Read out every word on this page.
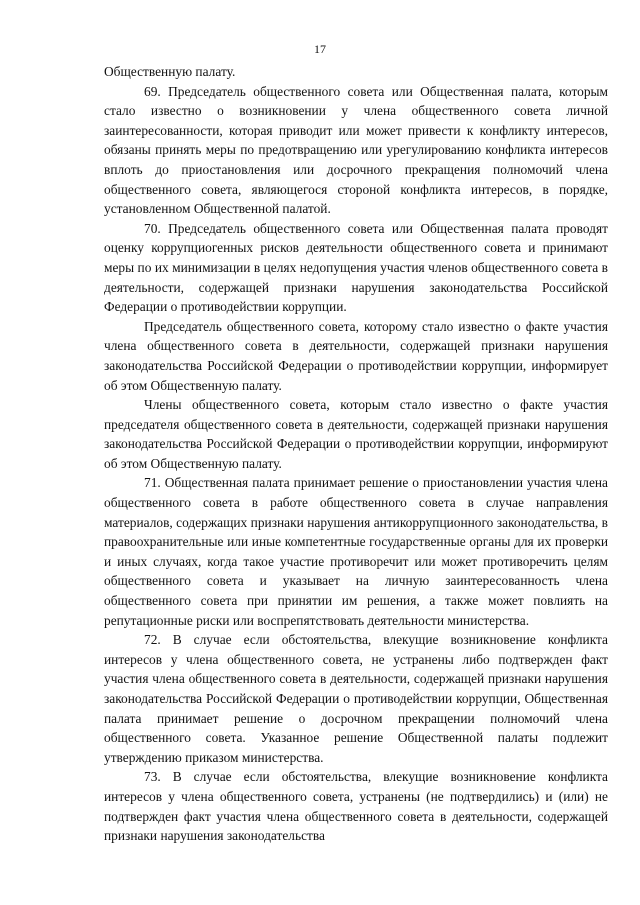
17

Общественную палату.

69. Председатель общественного совета или Общественная палата, которым стало известно о возникновении у члена общественного совета личной заинтересованности, которая приводит или может привести к конфликту интересов, обязаны принять меры по предотвращению или урегулированию конфликта интересов вплоть до приостановления или досрочного прекращения полномочий члена общественного совета, являющегося стороной конфликта интересов, в порядке, установленном Общественной палатой.

70. Председатель общественного совета или Общественная палата проводят оценку коррупциогенных рисков деятельности общественного совета и принимают меры по их минимизации в целях недопущения участия членов общественного совета в деятельности, содержащей признаки нарушения законодательства Российской Федерации о противодействии коррупции.

Председатель общественного совета, которому стало известно о факте участия члена общественного совета в деятельности, содержащей признаки нарушения законодательства Российской Федерации о противодействии коррупции, информирует об этом Общественную палату.

Члены общественного совета, которым стало известно о факте участия председателя общественного совета в деятельности, содержащей признаки нарушения законодательства Российской Федерации о противодействии коррупции, информируют об этом Общественную палату.

71. Общественная палата принимает решение о приостановлении участия члена общественного совета в работе общественного совета в случае направления материалов, содержащих признаки нарушения антикоррупционного законодательства, в правоохранительные или иные компетентные государственные органы для их проверки и иных случаях, когда такое участие противоречит или может противоречить целям общественного совета и указывает на личную заинтересованность члена общественного совета при принятии им решения, а также может повлиять на репутационные риски или воспрепятствовать деятельности министерства.

72. В случае если обстоятельства, влекущие возникновение конфликта интересов у члена общественного совета, не устранены либо подтвержден факт участия члена общественного совета в деятельности, содержащей признаки нарушения законодательства Российской Федерации о противодействии коррупции, Общественная палата принимает решение о досрочном прекращении полномочий члена общественного совета. Указанное решение Общественной палаты подлежит утверждению приказом министерства.

73. В случае если обстоятельства, влекущие возникновение конфликта интересов у члена общественного совета, устранены (не подтвердились) и (или) не подтвержден факт участия члена общественного совета в деятельности, содержащей признаки нарушения законодательства
